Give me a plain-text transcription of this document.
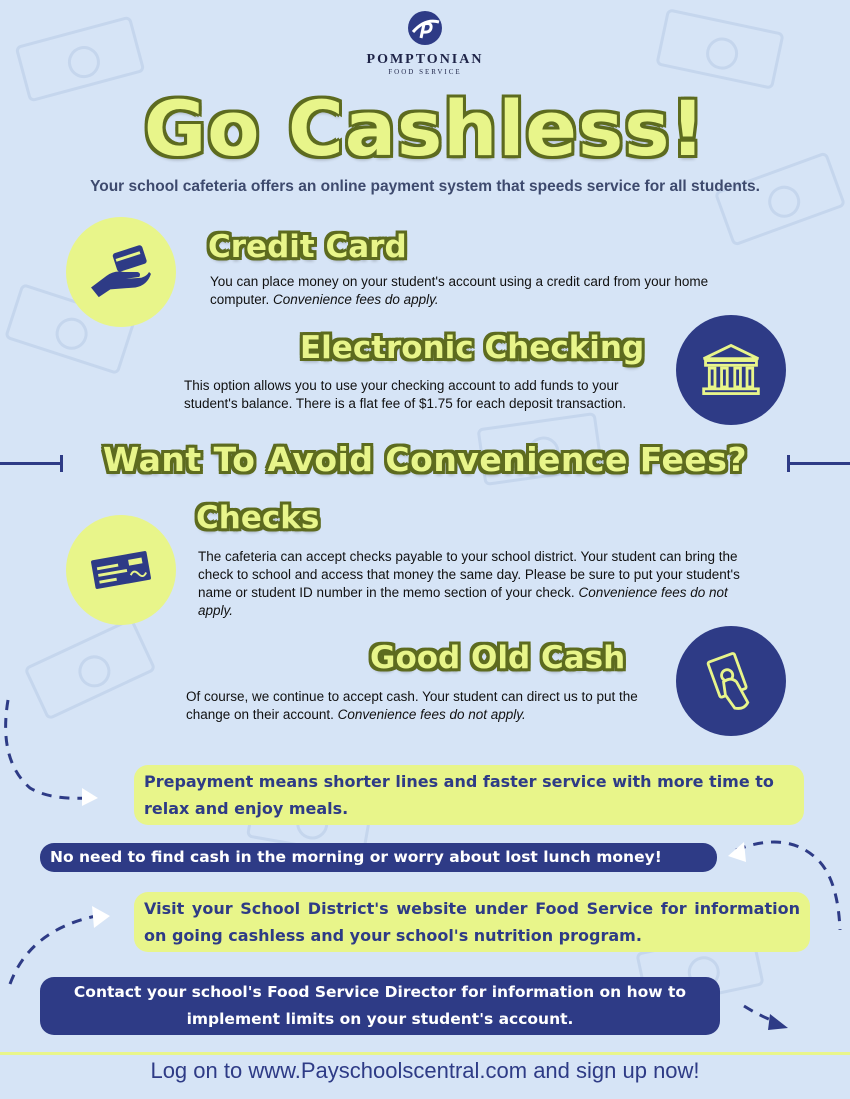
POMPTONIAN
FOOD SERVICE
Go Cashless!
Your school cafeteria offers an online payment system that speeds service for all students.
Credit Card
You can place money on your student's account using a credit card from your home computer. Convenience fees do apply.
Electronic Checking
This option allows you to use your checking account to add funds to your student's balance. There is a flat fee of $1.75 for each deposit transaction.
Want To Avoid Convenience Fees?
Checks
The cafeteria can accept checks payable to your school district. Your student can bring the check to school and access that money the same day. Please be sure to put your student's name or student ID number in the memo section of your check. Convenience fees do not apply.
Good Old Cash
Of course, we continue to accept cash. Your student can direct us to put the change on their account. Convenience fees do not apply.
Prepayment means shorter lines and faster service with more time to relax and enjoy meals.
No need to find cash in the morning or worry about lost lunch money!
Visit your School District's website under Food Service for information on going cashless and your school's nutrition program.
Contact your school's Food Service Director for information on how to implement limits on your student's account.
Log on to www.Payschoolscentral.com and sign up now!
